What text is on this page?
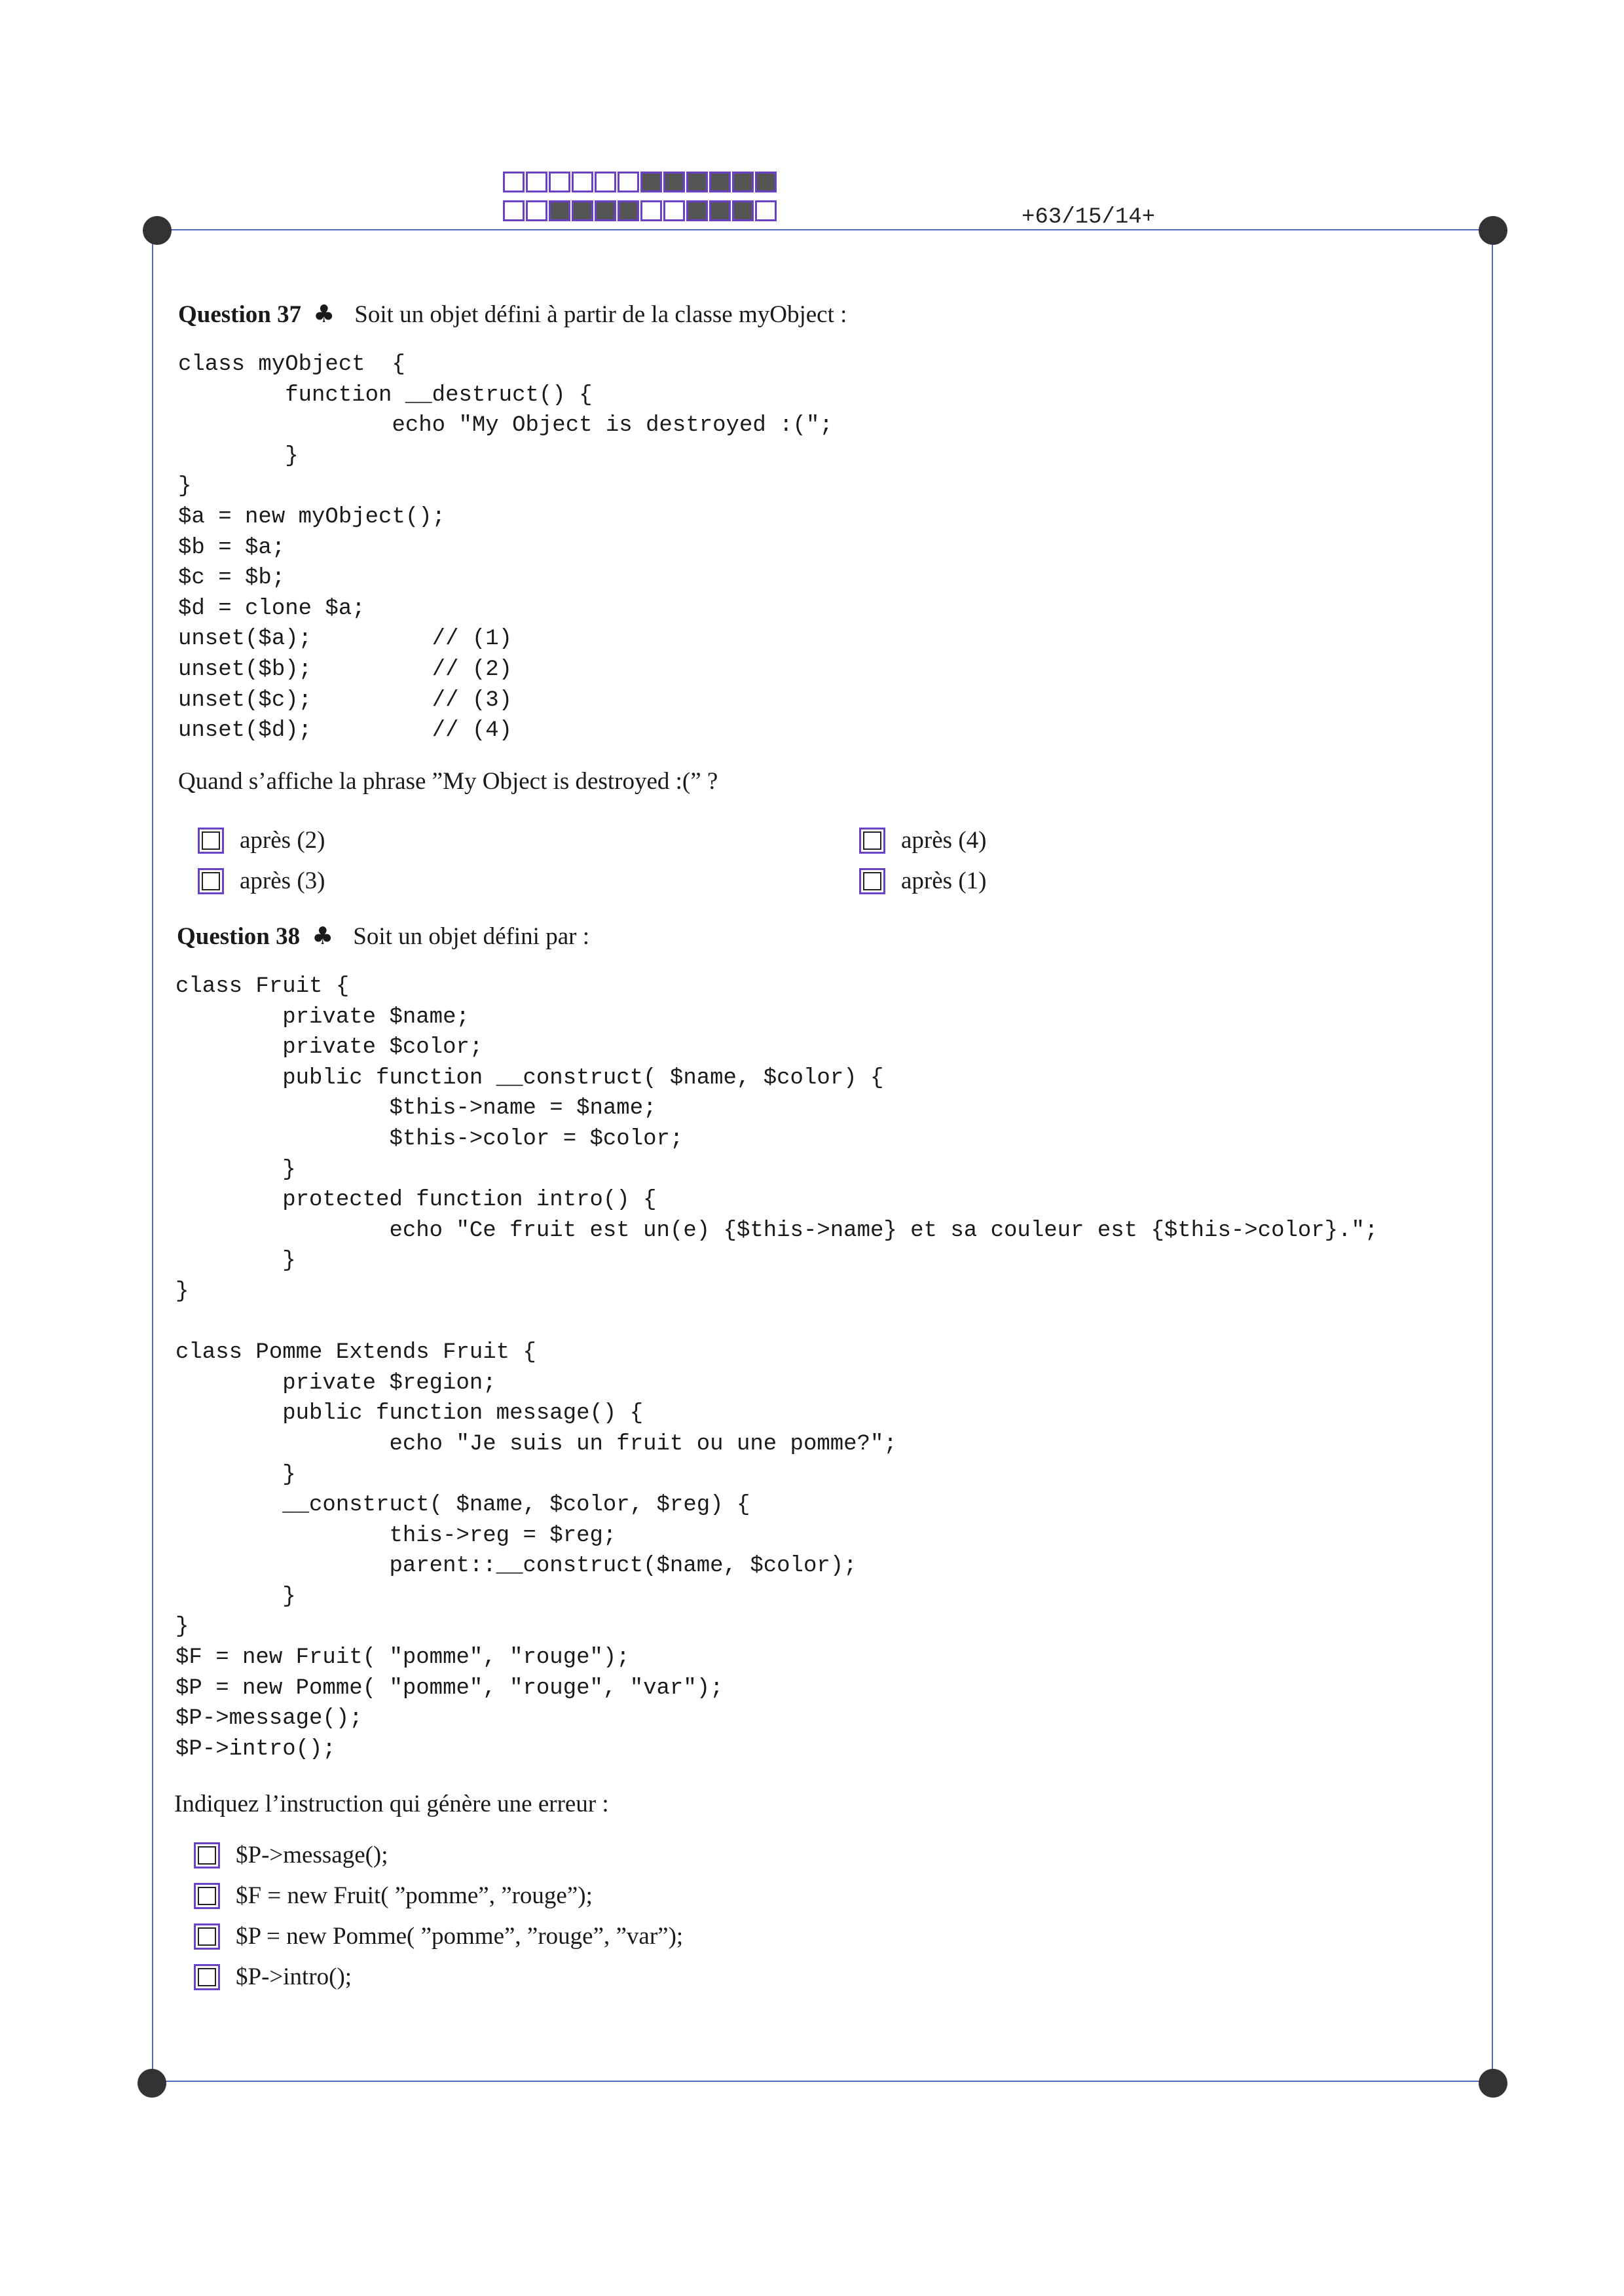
+63/15/14+
Question 37 ♣ Soit un objet défini à partir de la classe myObject :
class myObject  {
function __destruct() {
echo "My Object is destroyed :(";
}
}
$a = new myObject();
$b = $a;
$c = $b;
$d = clone $a;
unset($a);         // (1)
unset($b);         // (2)
unset($c);         // (3)
unset($d);         // (4)
Quand s’affiche la phrase ”My Object is destroyed :(” ?
après (2)	après (4)
après (3)	après (1)
Question 38 ♣ Soit un objet défini par :
class Fruit {
private $name;
private $color;
public function __construct( $name, $color) {
$this->name = $name;
$this->color = $color;
}
protected function intro() {
echo "Ce fruit est un(e) {$this->name} et sa couleur est {$this->color}.";
}
}

class Pomme Extends Fruit {
private $region;
public function message() {
echo "Je suis un fruit ou une pomme?";
}
__construct( $name, $color, $reg) {
this->reg = $reg;
parent::__construct($name, $color);
}
}
$F = new Fruit( "pomme", "rouge");
$P = new Pomme( "pomme", "rouge", "var");
$P->message();
$P->intro();
Indiquez l’instruction qui génère une erreur :
$P->message();
$F = new Fruit( ”pomme”, ”rouge”);
$P = new Pomme( ”pomme”, ”rouge”, ”var”);
$P->intro();
